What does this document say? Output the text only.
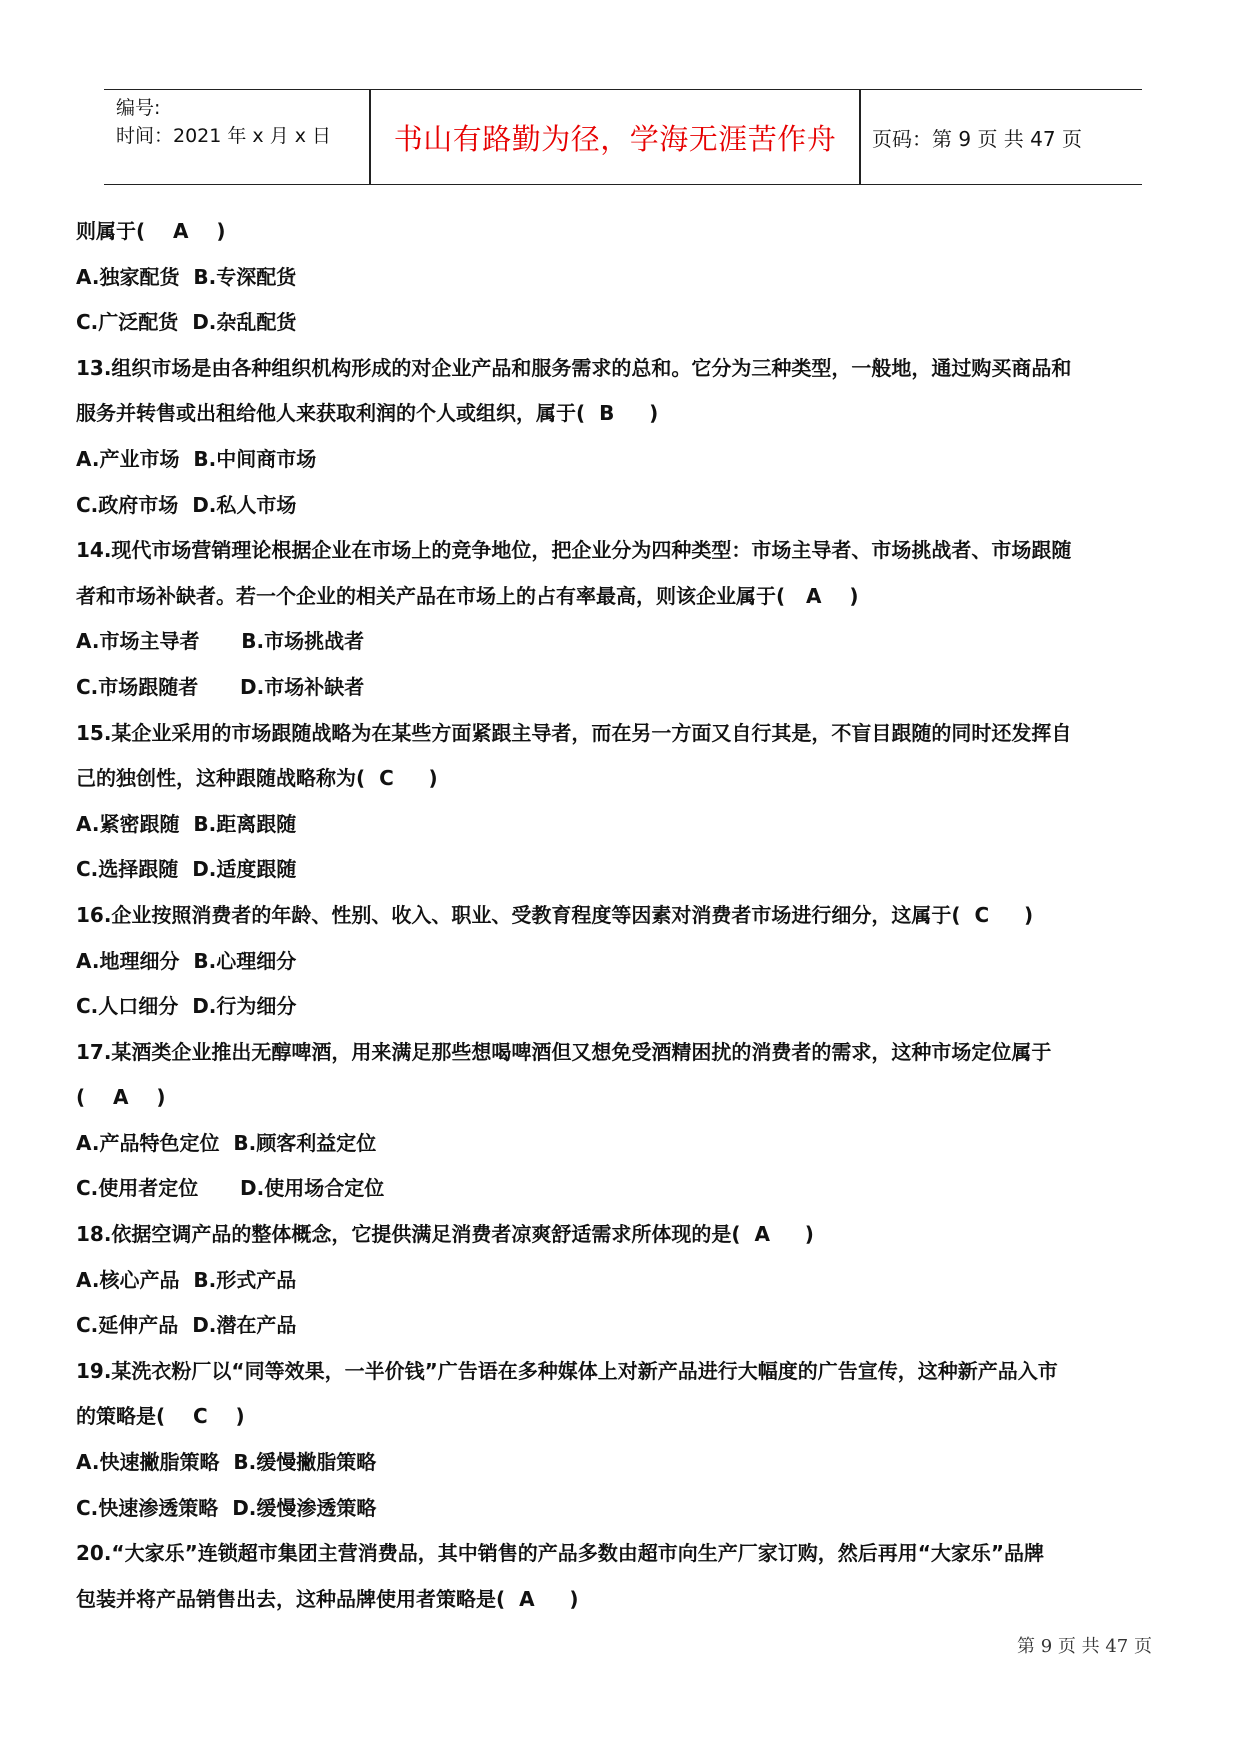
编号:
时间：2021 年 x 月 x 日	书山有路勤为径，学海无涯苦作舟	页码：第 9 页 共 47 页
则属于(    A    )
A.独家配货  B.专深配货
C.广泛配货  D.杂乱配货
13.组织市场是由各种组织机构形成的对企业产品和服务需求的总和。它分为三种类型，一般地，通过购买商品和
服务并转售或出租给他人来获取利润的个人或组织，属于(  B     )
A.产业市场  B.中间商市场
C.政府市场  D.私人市场
14.现代市场营销理论根据企业在市场上的竞争地位，把企业分为四种类型：市场主导者、市场挑战者、市场跟随
者和市场补缺者。若一个企业的相关产品在市场上的占有率最高，则该企业属于(   A    )
A.市场主导者      B.市场挑战者
C.市场跟随者      D.市场补缺者
15.某企业采用的市场跟随战略为在某些方面紧跟主导者，而在另一方面又自行其是，不盲目跟随的同时还发挥自
己的独创性，这种跟随战略称为(  C     )
A.紧密跟随  B.距离跟随
C.选择跟随  D.适度跟随
16.企业按照消费者的年龄、性别、收入、职业、受教育程度等因素对消费者市场进行细分，这属于(  C     )
A.地理细分  B.心理细分
C.人口细分  D.行为细分
17.某酒类企业推出无醇啤酒，用来满足那些想喝啤酒但又想免受酒精困扰的消费者的需求，这种市场定位属于
(    A    )
A.产品特色定位  B.顾客利益定位
C.使用者定位      D.使用场合定位
18.依据空调产品的整体概念，它提供满足消费者凉爽舒适需求所体现的是(  A     )
A.核心产品  B.形式产品
C.延伸产品  D.潜在产品
19.某洗衣粉厂以“同等效果，一半价钱”广告语在多种媒体上对新产品进行大幅度的广告宣传，这种新产品入市
的策略是(    C    )
A.快速撇脂策略  B.缓慢撇脂策略
C.快速渗透策略  D.缓慢渗透策略
20.“大家乐”连锁超市集团主营消费品，其中销售的产品多数由超市向生产厂家订购，然后再用“大家乐”品牌
包装并将产品销售出去，这种品牌使用者策略是(  A     )
第 9 页 共 47 页
